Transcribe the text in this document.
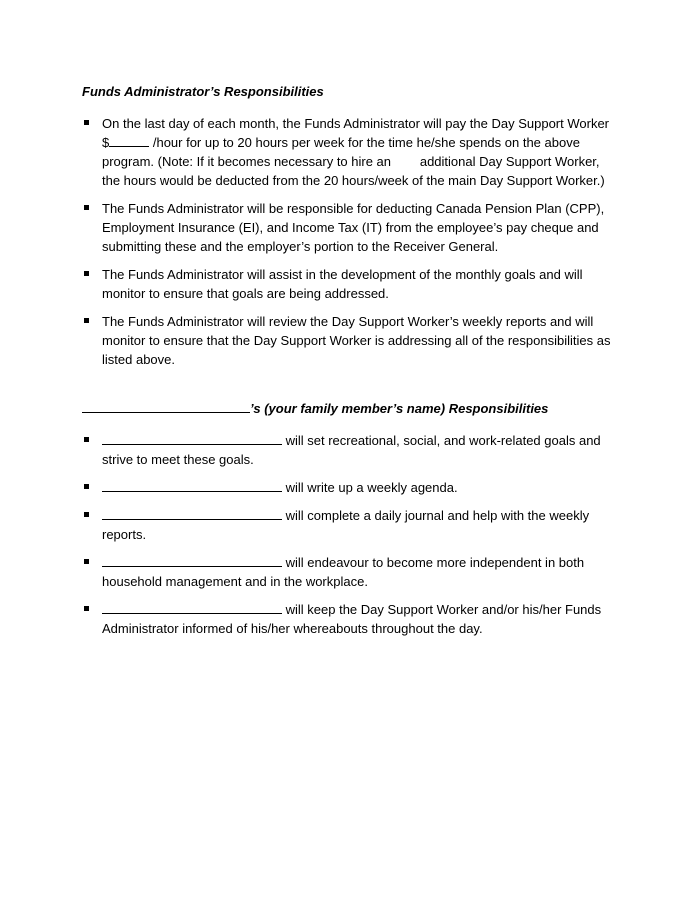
Funds Administrator’s Responsibilities
On the last day of each month, the Funds Administrator will pay the Day Support Worker $	/hour for up to 20 hours per week for the time he/she spends on the above program. (Note: If it becomes necessary to hire an	additional Day Support Worker, the hours would be deducted from the 20 hours/week of the main Day Support Worker.)
The Funds Administrator will be responsible for deducting Canada Pension Plan (CPP), Employment Insurance (EI), and Income Tax (IT) from the employee’s pay cheque and submitting these and the employer’s portion to the Receiver General.
The Funds Administrator will assist in the development of the monthly goals and will monitor to ensure that goals are being addressed.
The Funds Administrator will review the Day Support Worker’s weekly reports and will monitor to ensure that the Day Support Worker is addressing all of the responsibilities as listed above.
’s (your family member’s name) Responsibilities
will set recreational, social, and work-related goals and strive to meet these goals.
will write up a weekly agenda.
will complete a daily journal and help with the weekly reports.
will endeavour to become more independent in both household management and in the workplace.
will keep the Day Support Worker and/or his/her Funds Administrator informed of his/her whereabouts throughout the day.
